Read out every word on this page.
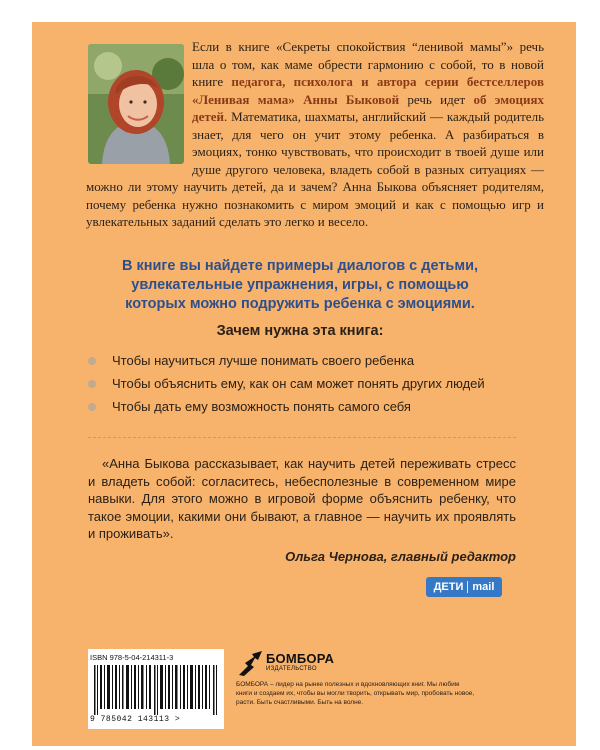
Если в книге «Секреты спокойствия “ленивой мамы”» речь шла о том, как маме обрести гармонию с собой, то в новой книге педагога, психолога и автора серии бестселлеров «Ленивая мама» Анны Быковой речь идет об эмоциях детей. Математика, шахматы, английский — каждый родитель знает, для чего он учит этому ребенка. А разбираться в эмоциях, тонко чувствовать, что происходит в твоей душе или душе другого человека, владеть собой в разных ситуациях — можно ли этому научить детей, да и зачем? Анна Быкова объясняет родителям, почему ребенка нужно познакомить с миром эмоций и как с помощью игр и увлекательных заданий сделать это легко и весело.
В книге вы найдете примеры диалогов с детьми, увлекательные упражнения, игры, с помощью которых можно подружить ребенка с эмоциями.
Зачем нужна эта книга:
Чтобы научиться лучше понимать своего ребенка
Чтобы объяснить ему, как он сам может понять других людей
Чтобы дать ему возможность понять самого себя
«Анна Быкова рассказывает, как научить детей переживать стресс и владеть собой: согласитесь, небесполезные в современном мире навыки. Для этого можно в игровой форме объяснить ребенку, что такое эмоции, какими они бывают, а главное — научить их проявлять и проживать».
Ольга Чернова, главный редактор
ДЕТИ mail
ISBN 978-5-04-214311-3
9 785042 143113 >
БОМБОРА
ИЗДАТЕЛЬСТВО
БОМБОРА – лидер на рынке полезных и вдохновляющих книг. Мы любим книги и создаем их, чтобы вы могли творить, открывать мир, пробовать новое, расти. Быть счастливыми. Быть на волне.
